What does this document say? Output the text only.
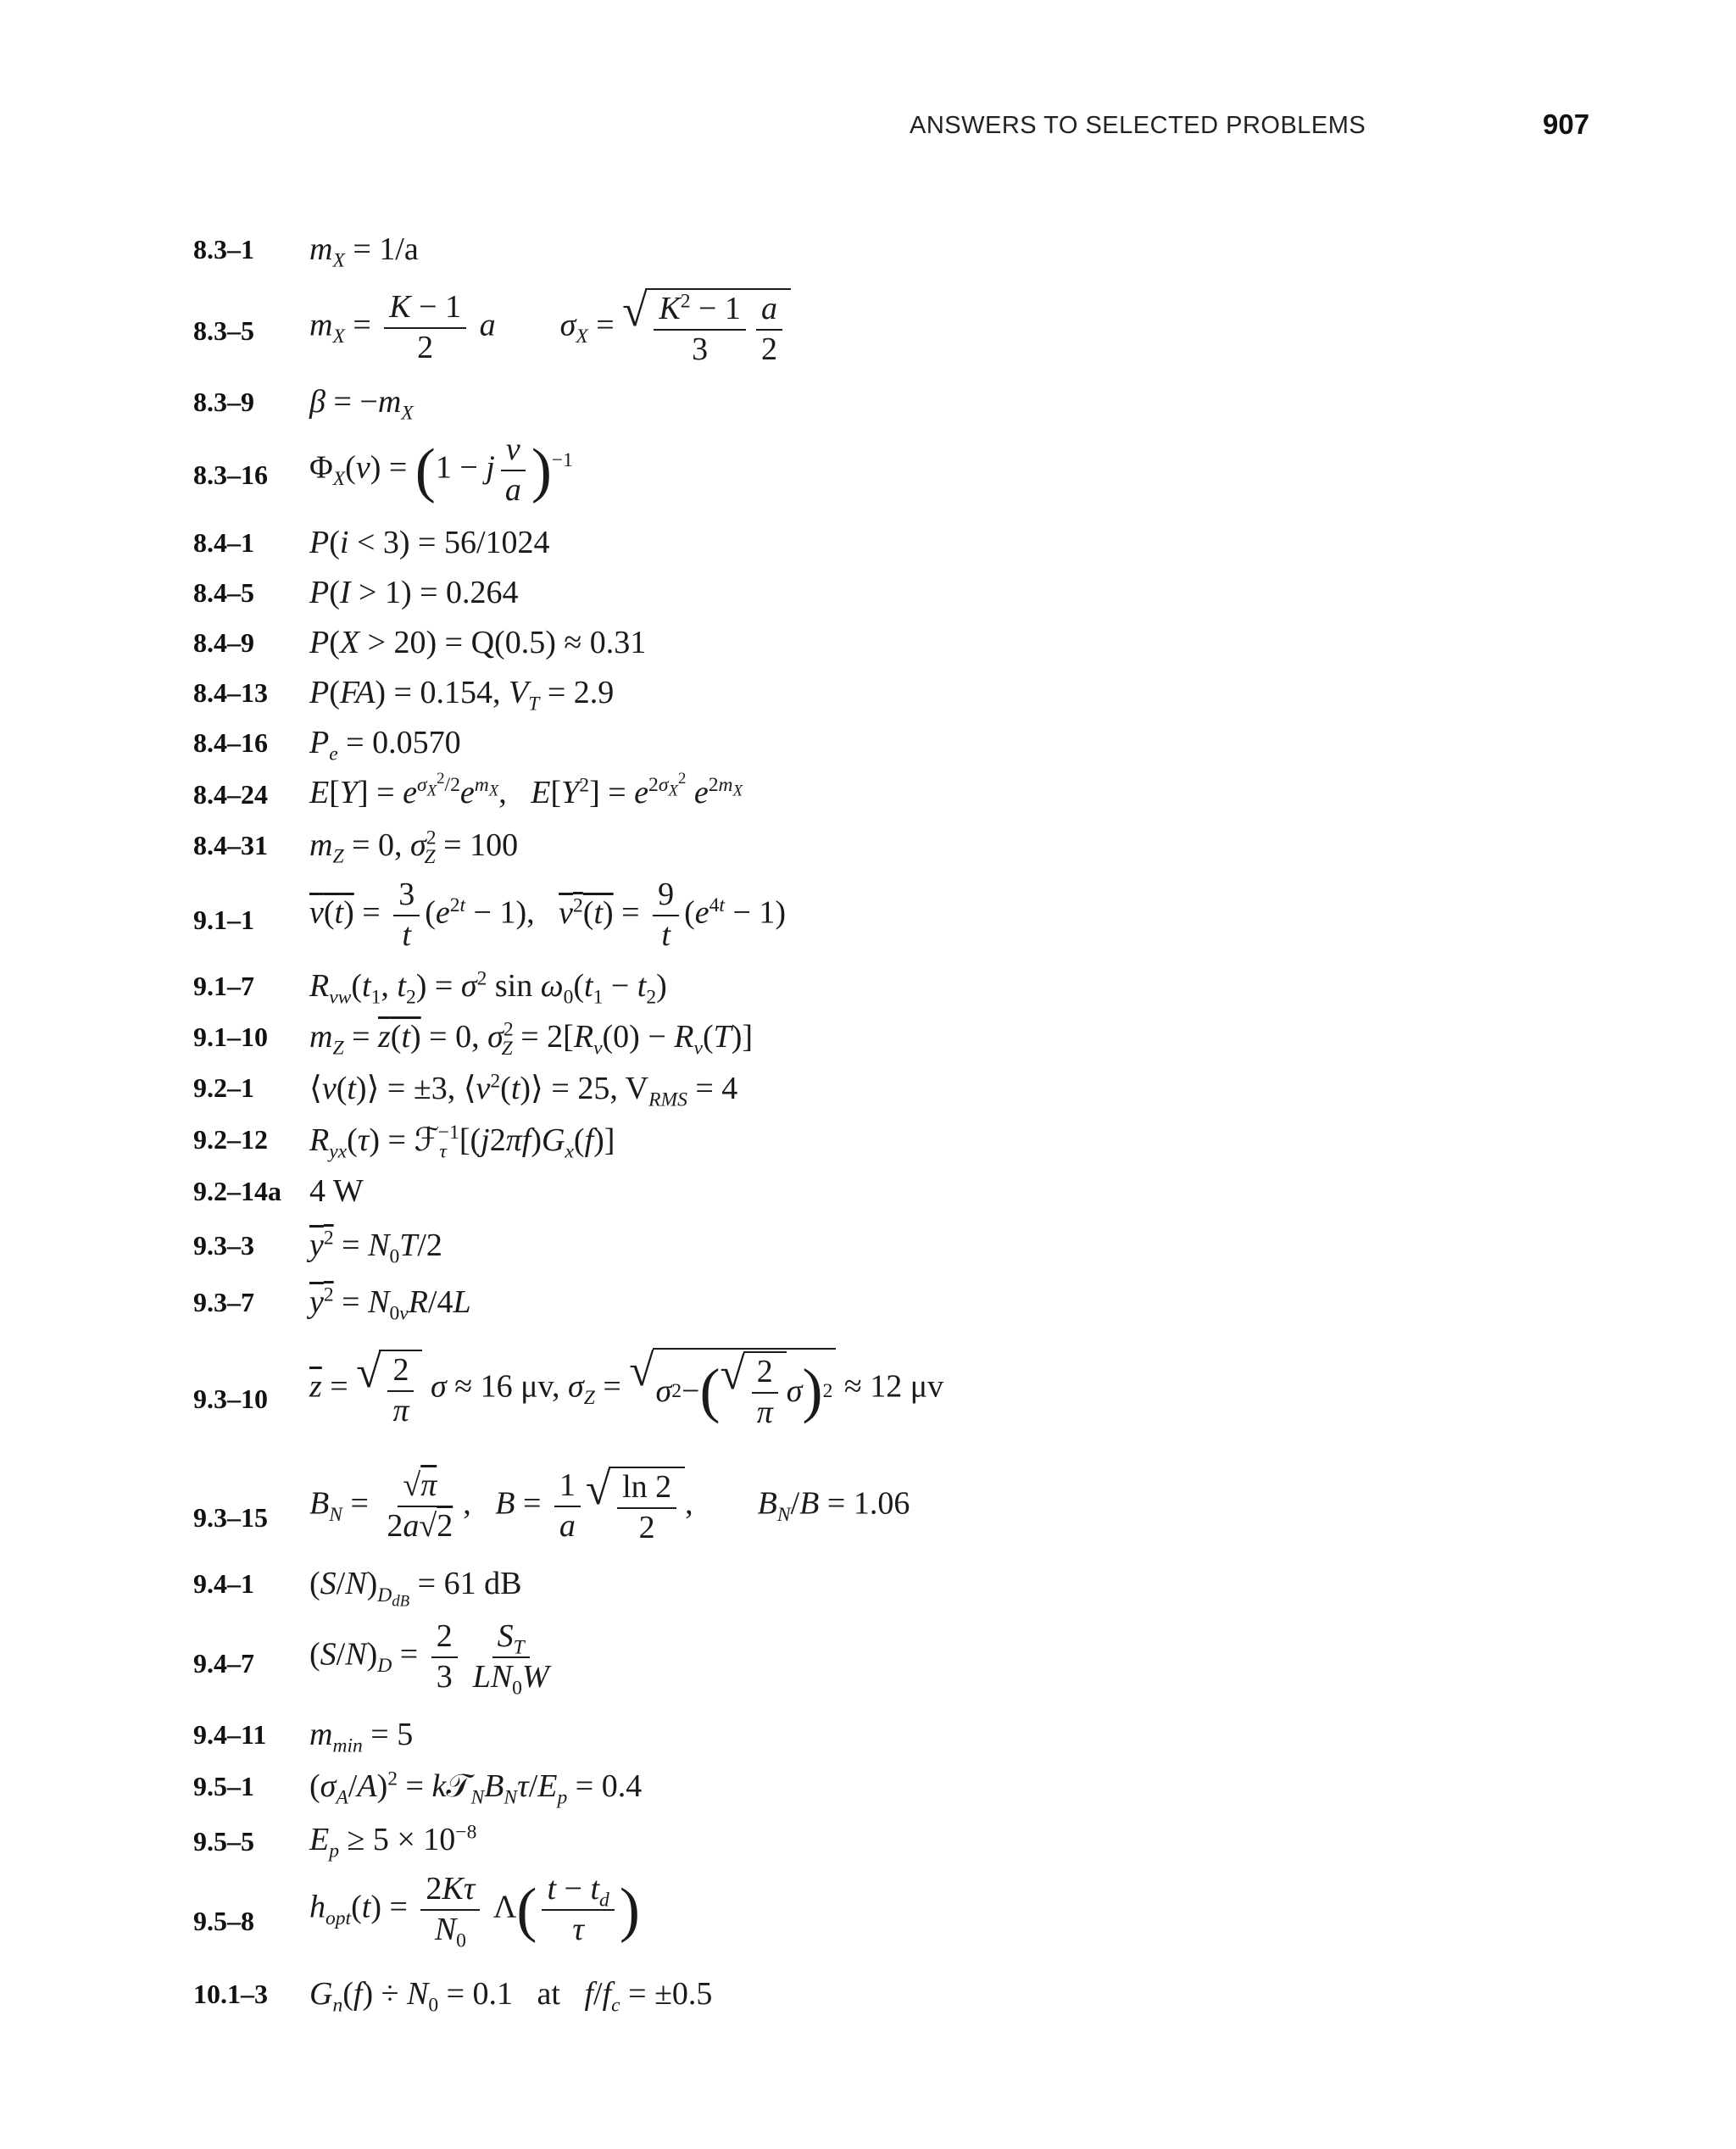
ANSWERS TO SELECTED PROBLEMS	907
8.3–1 $m_X = 1/a$
8.3–5 $m_X = \frac{K - 1}{2}$ a $\sigma_X$ = √ $\frac{K^2 - 1}{3} \frac{a}{2}$
8.3–9 $\beta = -m_X$
8.3–16 $\Phi_X(\nu) = (1 - j \frac{\nu}{a} )^{-1}$
8.4–1 P(i < 3) = 56/1024
8.4–5 P(I > 1) = 0.264
8.4–9 P(X > 20) = Q(0.5) ≈ 0.31
8.4–13 P(FA) = 0.154, $V_T = 2.9$
8.4–16 $P_e = 0.0570$
8.4–24 $E[Y] = e^{\sigma_X^2/2}e^{m_X}$,   $E[Y^2] = e^{2\sigma_X^2}$ $e^{2m_X}$
8.4–31 $m_Z = 0$, $\sigma^2_Z = 100$
9.1–1 $v(t) = \frac{3}{t} (e^{2t} - 1)$,   $v^2(t) = \frac{9}{t} (e^{4t} - 1)$
9.1–7 $R_{vw}(t_1$, $t_2) = \sigma^2$ $\sin \omega_0(t_1 - t_2)$
9.1–10 $m_Z = z(t) = 0$, $\sigma^2_Z = 2[R_v(0) - R_v(T)]$
9.2–1 ⟨v(t)⟩ = ±3, $⟨v^2(t)⟩ = 25$, $V_{RMS} = 4$
9.2–12 $R_{yx}(\tau)$ = $ℱ_\tau^{-1}[(j2\pi f)G_x(f)]$
9.2–14a 4 W
9.3–3 $y^2 = N_0T/2$
9.3–7 $y^2 = N_{0v}R/4L$
9.3–10 $\overline{z}$ = √ $\frac{2}{\pi}$ σ ≈ 16 μv, $\sigma_Z$ = √ σ 2 − ( √ $\frac{2}{\pi}$ σ ) 2 ≈ 12 μv
9.3–15 $B_N = \frac{√\pi}{2a√2}$ ,   $B = \frac{1}{a}$ √ $\frac{\ln 2}{2}$ ,        $B_N/B = 1.06$
9.4–1 $(S/N)_{D_{dB}} = 61$ dB
9.4–7 $(S/N)_D = \frac{2}{3} \frac{S_T}{LN_0W}$
9.4–11 $m_{min} = 5$
9.5–1 $(\sigma_A/A)^2$ = $k𝒯_NB_N\tau/E_p = 0.4$
9.5–5 $E_p \ge 5 \times 10^{-8}$
9.5–8 $h_{opt}(t) = \frac{2K\tau}{N_0} \Lambda( \frac{t - t_d}{\tau}$ )
10.1–3 $G_n(f) \div N_0 = 0.1$ at $f/f_c = \pm 0.5$
